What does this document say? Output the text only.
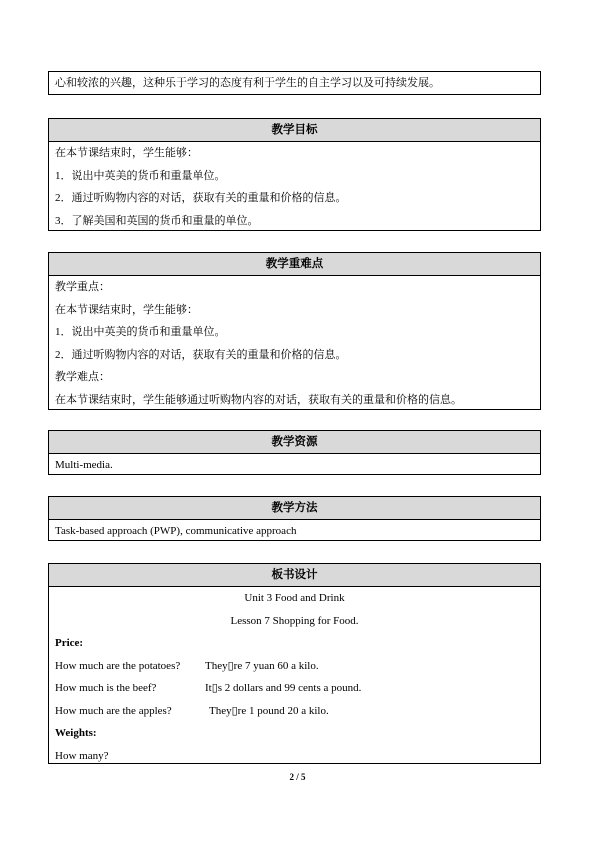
心和较浓的兴趣，这种乐于学习的态度有利于学生的自主学习以及可持续发展。
教学目标
在本节课结束时，学生能够：
1．说出中英美的货币和重量单位。
2．通过听购物内容的对话，获取有关的重量和价格的信息。
3．了解美国和英国的货币和重量的单位。
教学重难点
教学重点：
在本节课结束时，学生能够：
1．说出中英美的货币和重量单位。
2．通过听购物内容的对话，获取有关的重量和价格的信息。
教学难点：
在本节课结束时，学生能够通过听购物内容的对话，获取有关的重量和价格的信息。
教学资源
Multi-media.
教学方法
Task-based approach (PWP), communicative approach
板书设计
Unit 3 Food and Drink
Lesson 7 Shopping for Food.
Price:
How much are the potatoes? They▯re 7 yuan 60 a kilo.
How much is the beef?	It▯s 2 dollars and 99 cents a pound.
How much are the apples?	They▯re 1 pound 20 a kilo.
Weights:
How many?
2 / 5
